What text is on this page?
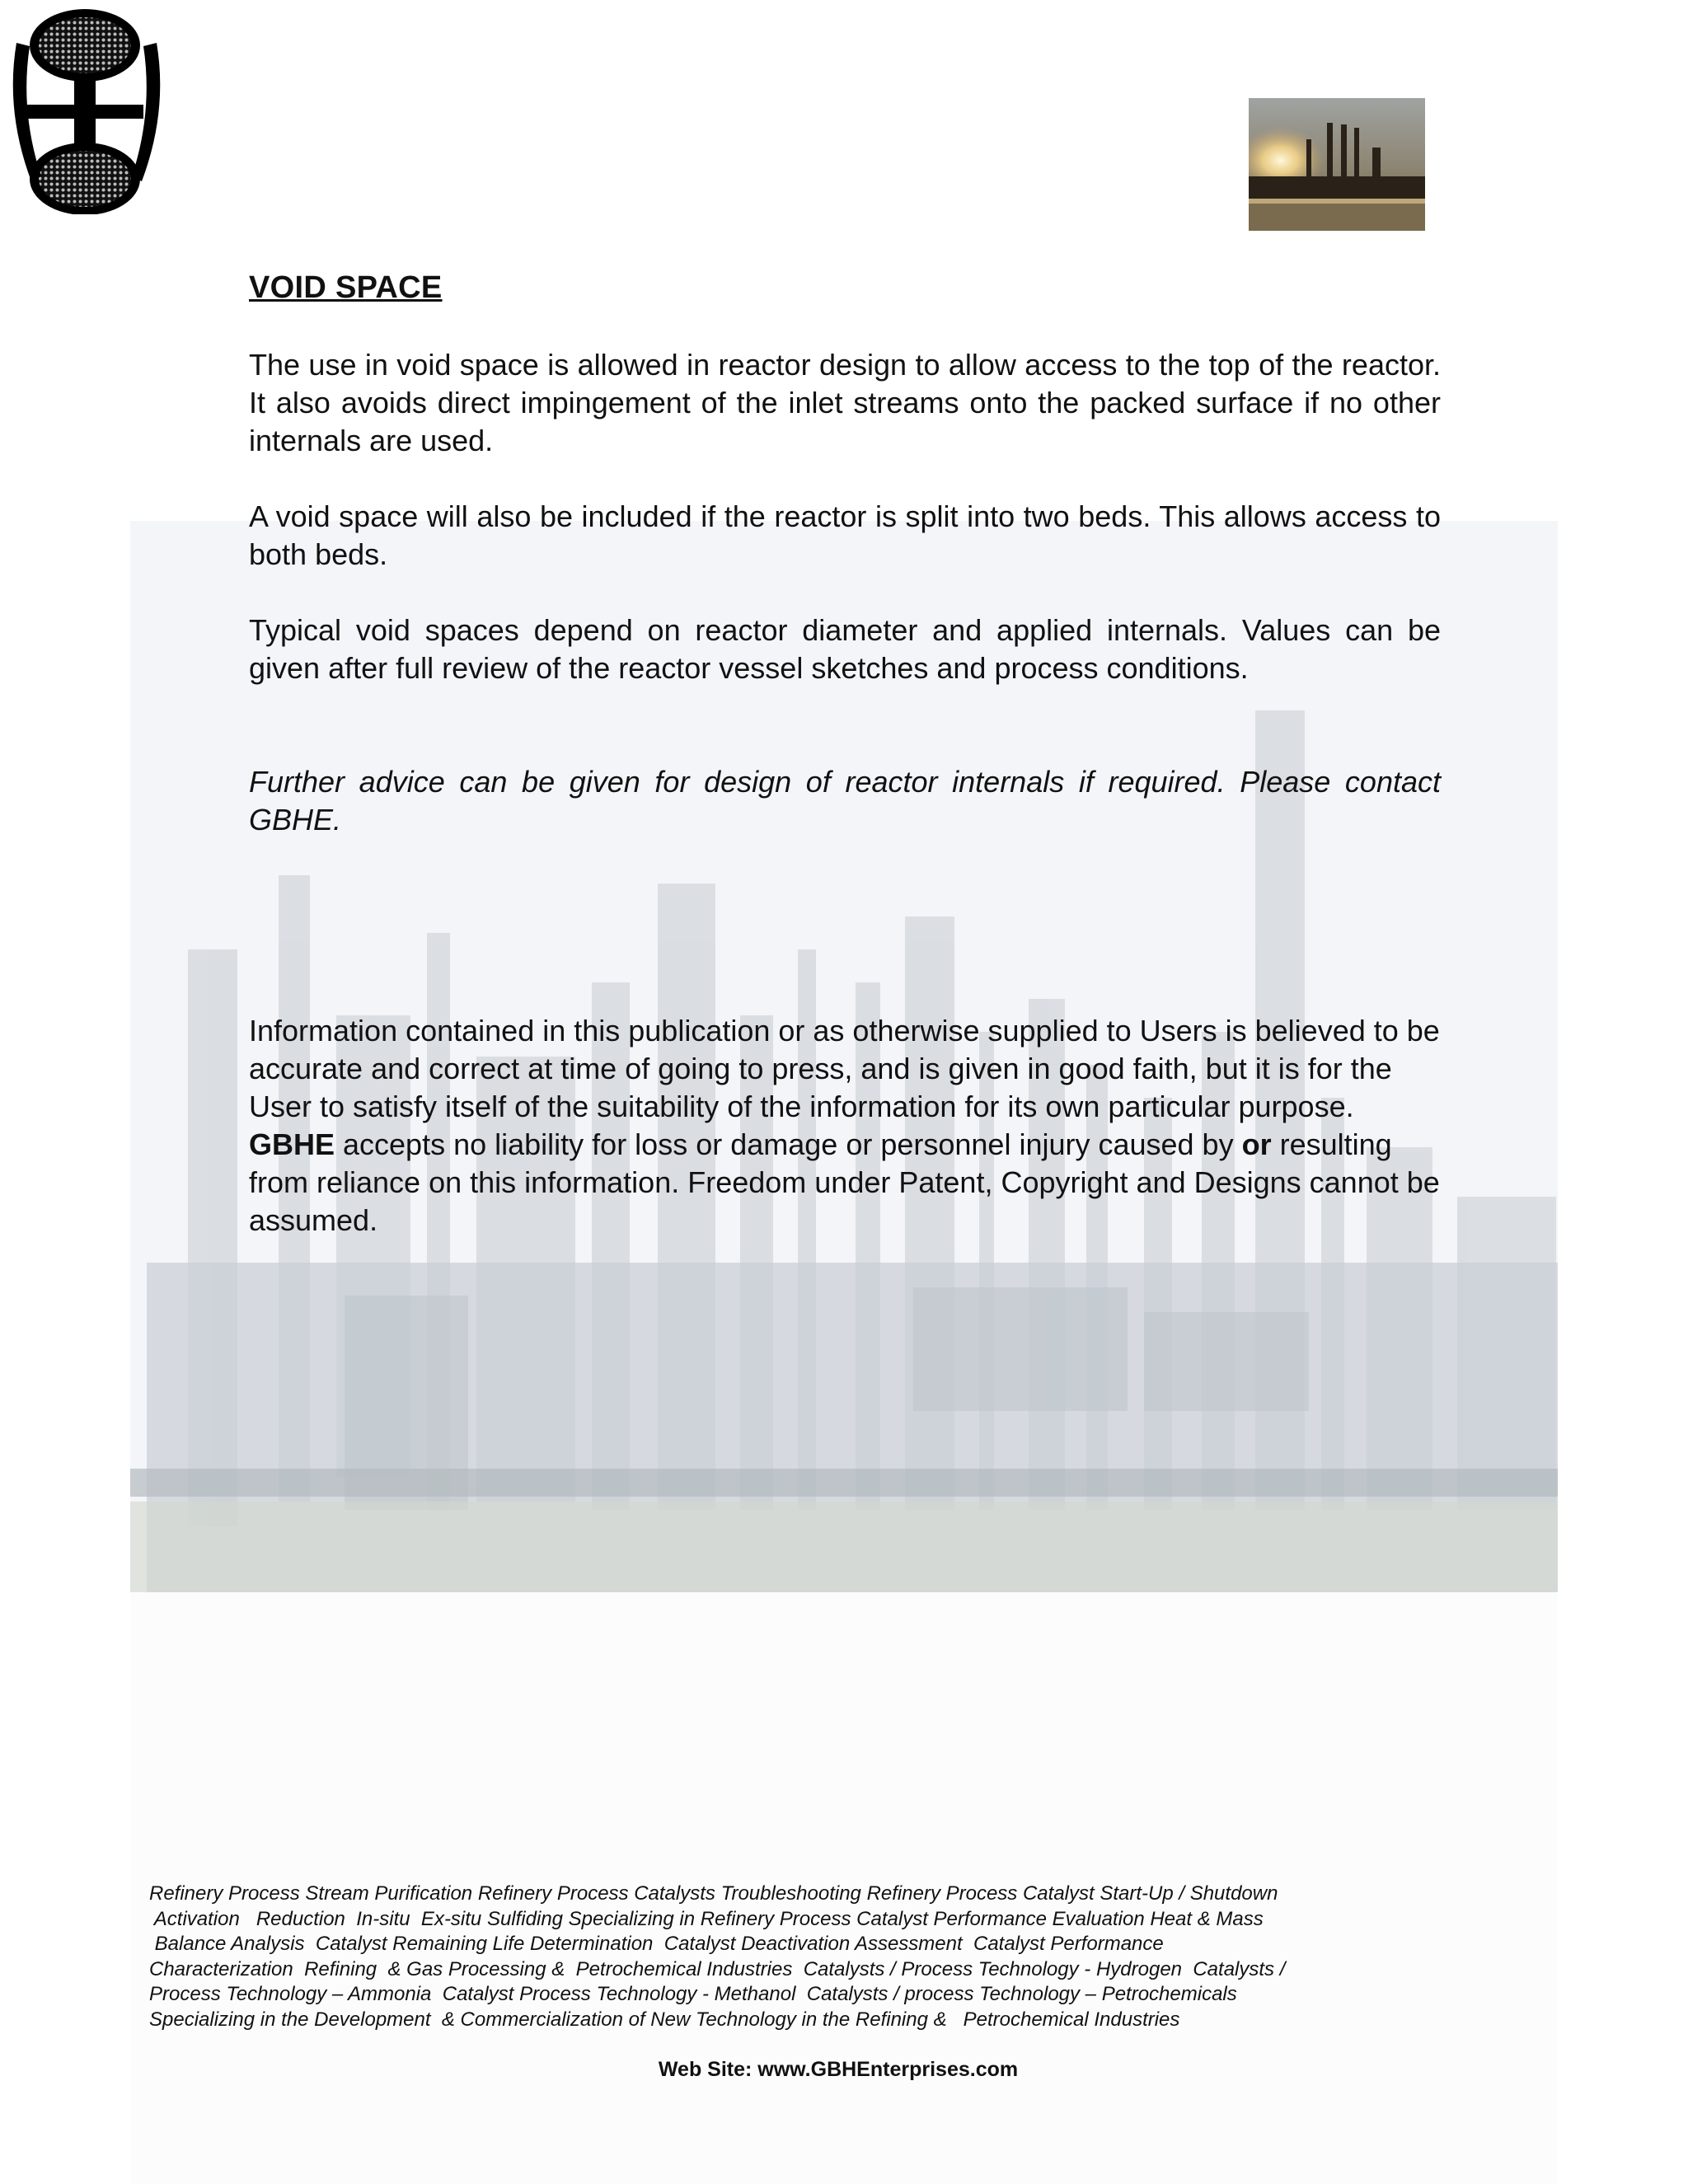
VOID SPACE

The use in void space is allowed in reactor design to allow access to the top of the reactor. It also avoids direct impingement of the inlet streams onto the packed surface if no other internals are used.

A void space will also be included if the reactor is split into two beds. This allows access to both beds.

Typical void spaces depend on reactor diameter and applied internals. Values can be given after full review of the reactor vessel sketches and process conditions.

Further advice can be given for design of reactor internals if required. Please contact GBHE.

Information contained in this publication or as otherwise supplied to Users is believed to be accurate and correct at time of going to press, and is given in good faith, but it is for the User to satisfy itself of the suitability of the information for its own particular purpose. GBHE accepts no liability for loss or damage or personnel injury caused by or resulting from reliance on this information. Freedom under Patent, Copyright and Designs cannot be assumed.

Refinery Process Stream Purification Refinery Process Catalysts Troubleshooting Refinery Process Catalyst Start-Up / Shutdown
Activation   Reduction  In-situ  Ex-situ Sulfiding Specializing in Refinery Process Catalyst Performance Evaluation Heat & Mass
Balance Analysis  Catalyst Remaining Life Determination  Catalyst Deactivation Assessment  Catalyst Performance
Characterization  Refining  & Gas Processing &  Petrochemical Industries  Catalysts / Process Technology - Hydrogen  Catalysts /
Process Technology – Ammonia  Catalyst Process Technology - Methanol  Catalysts / process Technology – Petrochemicals
Specializing in the Development  & Commercialization of New Technology in the Refining &   Petrochemical Industries

Web Site: www.GBHEnterprises.com
